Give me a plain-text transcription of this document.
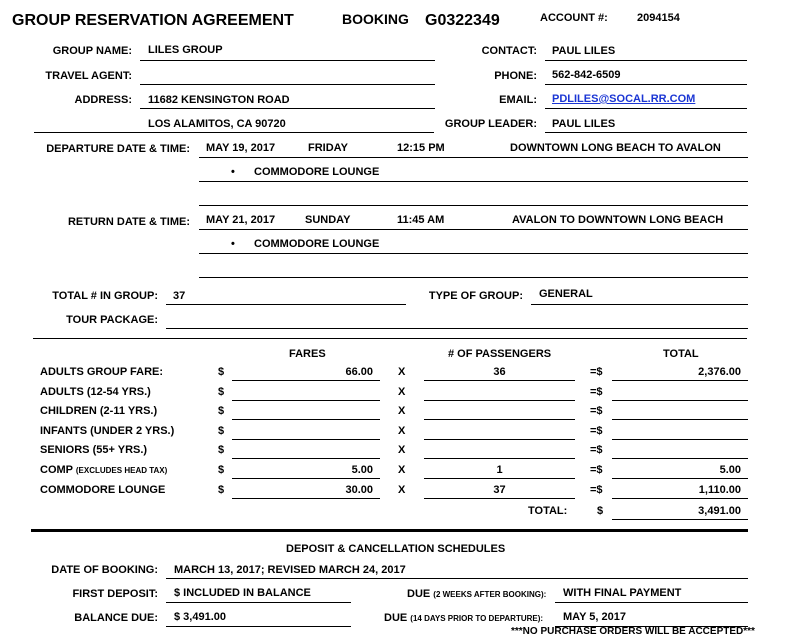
GROUP RESERVATION AGREEMENT	BOOKING G0322349	ACCOUNT #:	2094154
GROUP NAME: LILES GROUP
TRAVEL AGENT:
ADDRESS: 11682 KENSINGTON ROAD
LOS ALAMITOS, CA 90720
CONTACT: PAUL LILES
PHONE: 562-842-6509
EMAIL: PDLILES@SOCAL.RR.COM
GROUP LEADER: PAUL LILES
DEPARTURE DATE & TIME: MAY 19, 2017	FRIDAY	12:15 PM	DOWNTOWN LONG BEACH TO AVALON
• COMMODORE LOUNGE
RETURN DATE & TIME: MAY 21, 2017	SUNDAY	11:45 AM	AVALON TO DOWNTOWN LONG BEACH
• COMMODORE LOUNGE
TOTAL # IN GROUP: 37	TYPE OF GROUP: GENERAL
TOUR PACKAGE:
FARES	# OF PASSENGERS	TOTAL
ADULTS GROUP FARE:	$	66.00 X	36	=$	2,376.00
ADULTS (12-54 YRS.)	$	X	=$
CHILDREN (2-11 YRS.)	$	X	=$
INFANTS (UNDER 2 YRS.)	$	X	=$
SENIORS (55+ YRS.)	$	X	=$
COMP (EXCLUDES HEAD TAX)	$	5.00 X	1	=$	5.00
COMMODORE LOUNGE	$	30.00 X	37	=$	1,110.00
TOTAL:	$	3,491.00
DEPOSIT & CANCELLATION SCHEDULES
DATE OF BOOKING: MARCH 13, 2017; REVISED MARCH 24, 2017
FIRST DEPOSIT: $ INCLUDED IN BALANCE	DUE (2 WEEKS AFTER BOOKING): WITH FINAL PAYMENT
BALANCE DUE: $ 3,491.00	DUE (14 DAYS PRIOR TO DEPARTURE): MAY 5, 2017
***NO PURCHASE ORDERS WILL BE ACCEPTED***
